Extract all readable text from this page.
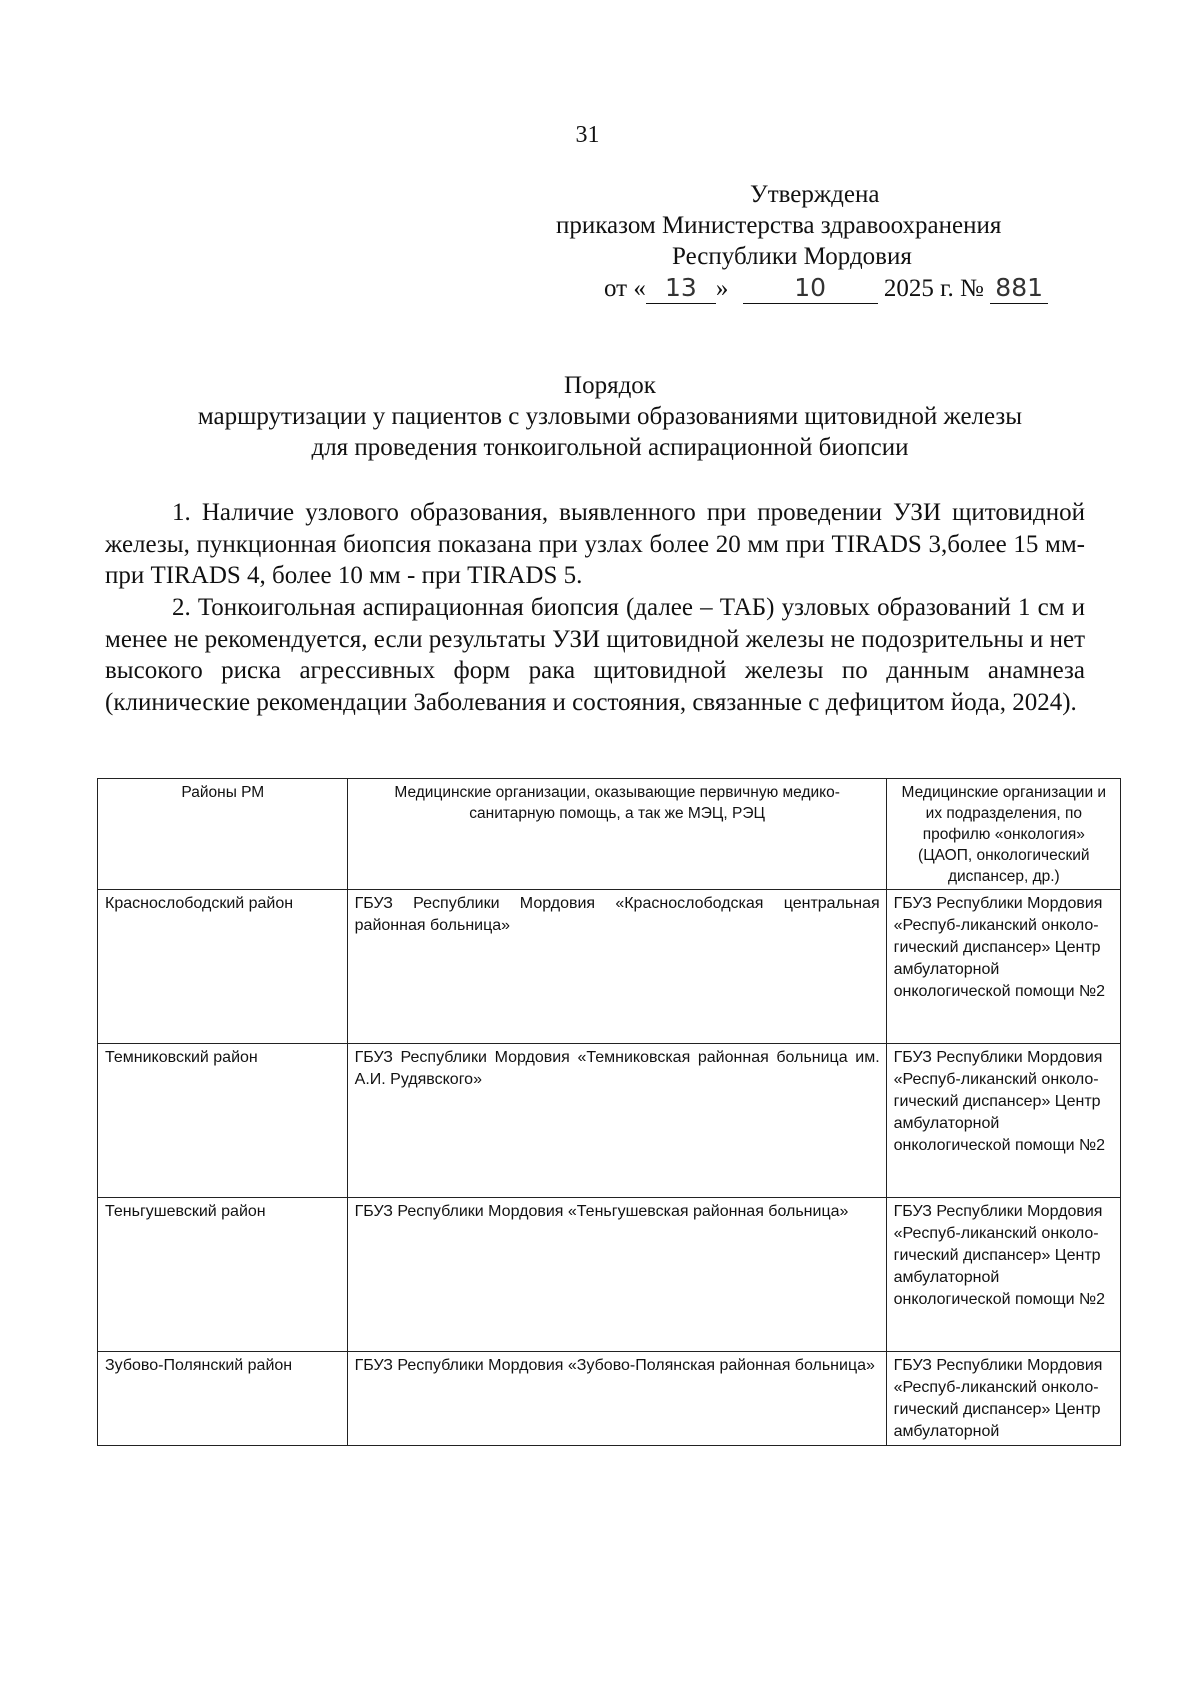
31
Утверждена
приказом Министерства здравоохранения
Республики Мордовия
от « 13 »	10 2025 г. № 881
Порядок
маршрутизации у пациентов с узловыми образованиями щитовидной железы
для проведения тонкоигольной аспирационной биопсии
1. Наличие узлового образования, выявленного при проведении УЗИ щитовидной железы, пункционная биопсия показана при узлах более 20 мм при TIRADS 3,более 15 мм- при TIRADS 4, более 10 мм - при TIRADS 5.
2. Тонкоигольная аспирационная биопсия (далее – ТАБ) узловых образований 1 см и менее не рекомендуется, если результаты УЗИ щитовидной железы не подозрительны и нет высокого риска агрессивных форм рака щитовидной железы по данным анамнеза (клинические рекомендации Заболевания и состояния, связанные с дефицитом йода, 2024).
Районы РМ	Медицинские организации, оказывающие первичную медико-санитарную помощь, а так же МЭЦ, РЭЦ	Медицинские организации и их подразделения, по профилю «онкология» (ЦАОП, онкологический диспансер, др.)
Краснослободский район	ГБУЗ Республики Мордовия «Краснослободская центральная районная больница»	ГБУЗ Республики Мордовия «Респуб-ликанский онколо-гический диспансер» Центр амбулаторной онкологической помощи №2
Темниковский район	ГБУЗ Республики Мордовия «Темниковская районная больница им. А.И. Рудявского»	ГБУЗ Республики Мордовия «Респуб-ликанский онколо-гический диспансер» Центр амбулаторной онкологической помощи №2
Теньгушевский район	ГБУЗ Республики Мордовия «Теньгушевская районная больница»	ГБУЗ Республики Мордовия «Респуб-ликанский онколо-гический диспансер» Центр амбулаторной онкологической помощи №2
Зубово-Полянский район	ГБУЗ Республики Мордовия «Зубово-Полянская районная больница»	ГБУЗ Республики Мордовия «Респуб-ликанский онколо-гический диспансер» Центр амбулаторной
